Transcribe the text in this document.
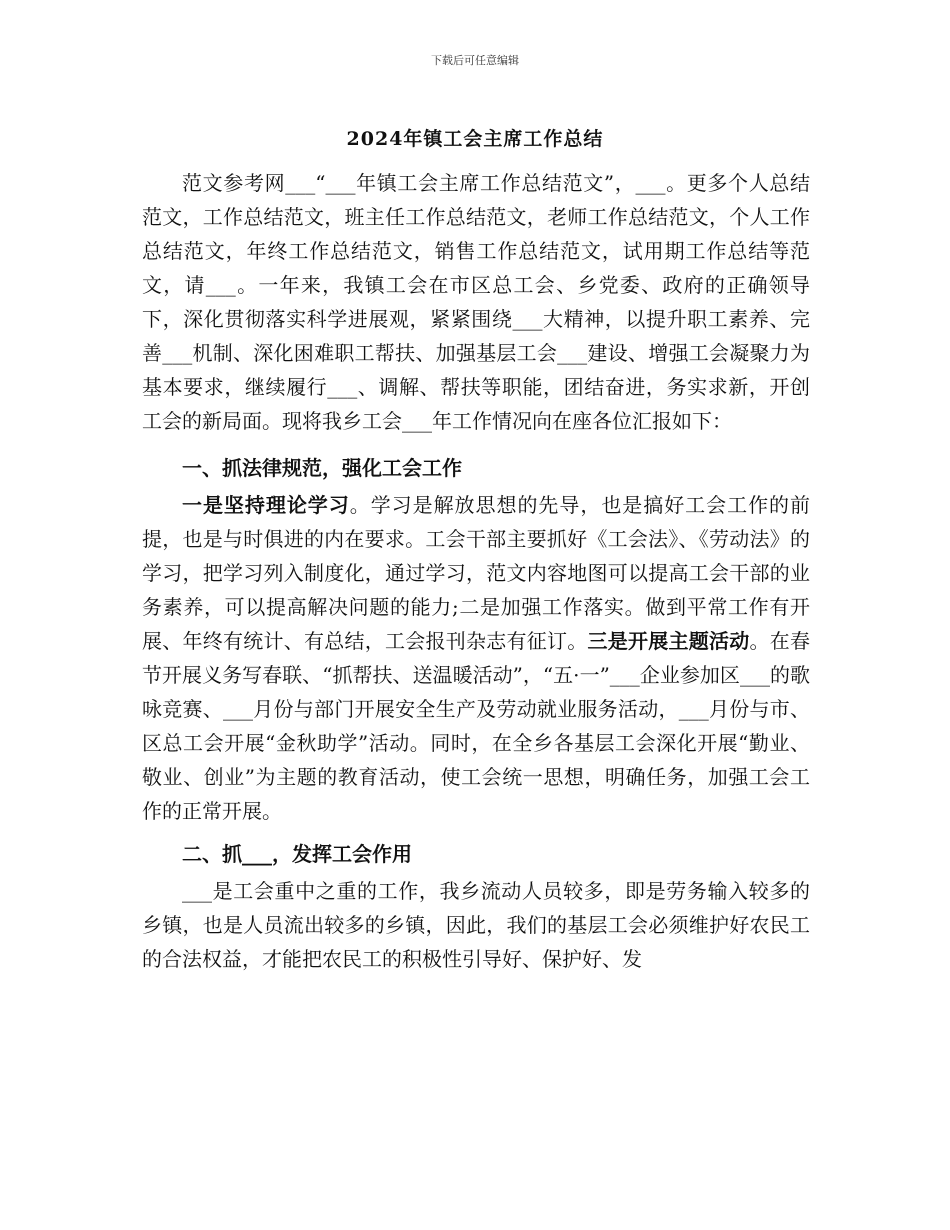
下载后可任意编辑
2024年镇工会主席工作总结

范文参考网___“___年镇工会主席工作总结范文”，___。更多个人总结范文，工作总结范文，班主任工作总结范文，老师工作总结范文，个人工作总结范文，年终工作总结范文，销售工作总结范文，试用期工作总结等范文，请___。一年来，我镇工会在市区总工会、乡党委、政府的正确领导下，深化贯彻落实科学进展观，紧紧围绕___大精神，以提升职工素养、完善___机制、深化困难职工帮扶、加强基层工会___建设、增强工会凝聚力为基本要求，继续履行___、调解、帮扶等职能，团结奋进，务实求新，开创工会的新局面。现将我乡工会___年工作情况向在座各位汇报如下：

一、抓法律规范，强化工会工作

一是坚持理论学习。学习是解放思想的先导，也是搞好工会工作的前提，也是与时俱进的内在要求。工会干部主要抓好《工会法》、《劳动法》的学习，把学习列入制度化，通过学习，范文内容地图可以提高工会干部的业务素养，可以提高解决问题的能力;二是加强工作落实。做到平常工作有开展、年终有统计、有总结，工会报刊杂志有征订。三是开展主题活动。在春节开展义务写春联、“抓帮扶、送温暖活动”，“五·一”___企业参加区___的歌咏竞赛、___月份与部门开展安全生产及劳动就业服务活动，___月份与市、区总工会开展“金秋助学”活动。同时，在全乡各基层工会深化开展“勤业、敬业、创业”为主题的教育活动，使工会统一思想，明确任务，加强工会工作的正常开展。

二、抓___，发挥工会作用

___是工会重中之重的工作，我乡流动人员较多，即是劳务输入较多的乡镇，也是人员流出较多的乡镇，因此，我们的基层工会必须维护好农民工的合法权益，才能把农民工的积极性引导好、保护好、发
